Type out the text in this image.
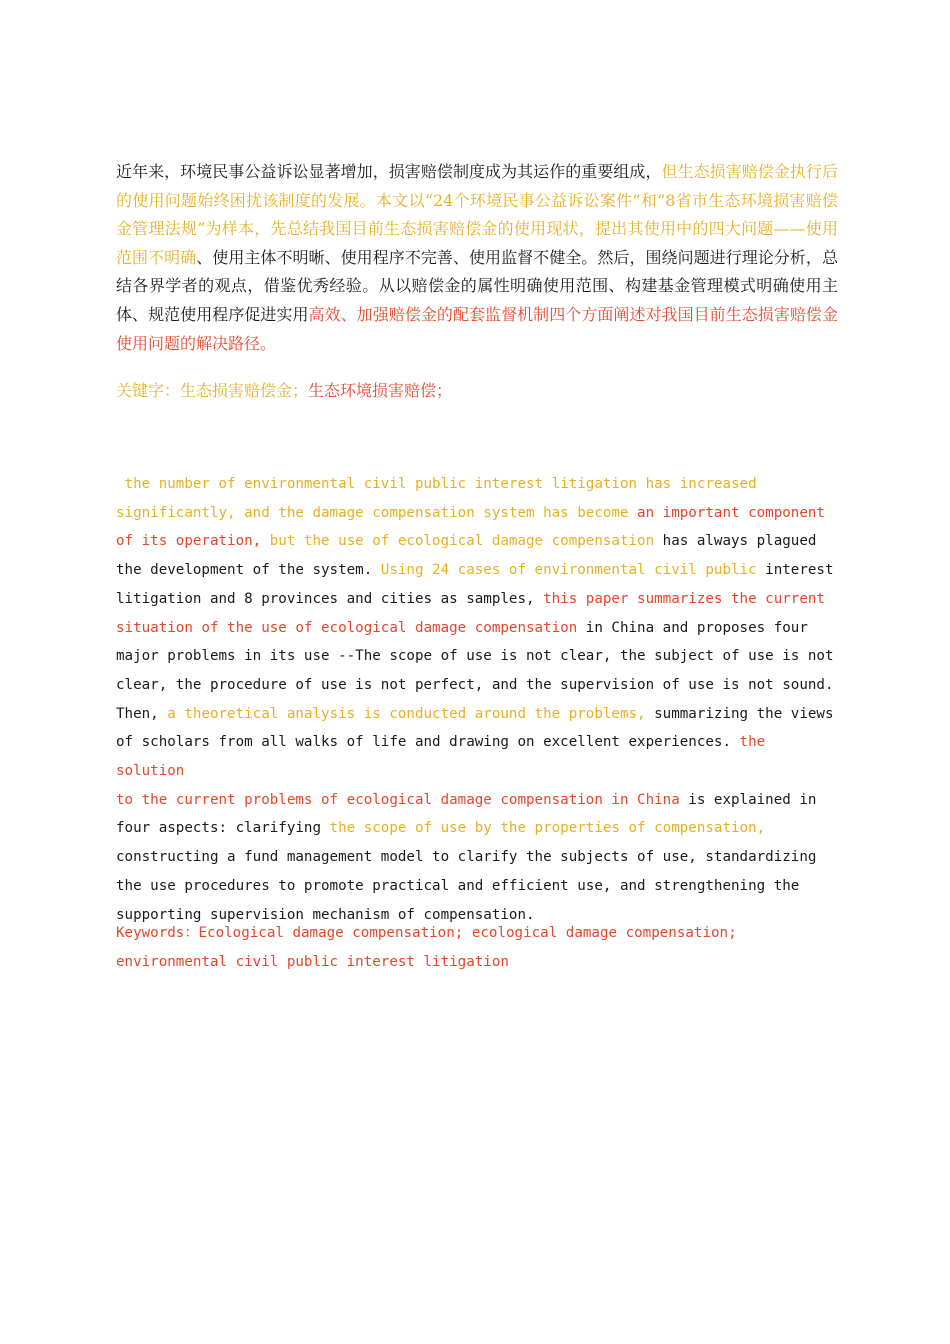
近年来，环境民事公益诉讼显著增加，损害赔偿制度成为其运作的重要组成，但生态损害赔偿金执行后的使用问题始终困扰该制度的发展。本文以“24个环境民事公益诉讼案件”和“8省市生态环境损害赔偿金管理法规”为样本，先总结我国目前生态损害赔偿金的使用现状，提出其使用中的四大问题——使用范围不明确、使用主体不明晰、使用程序不完善、使用监督不健全。然后，围绕问题进行理论分析，总结各界学者的观点，借鉴优秀经验。从以赔偿金的属性明确使用范围、构建基金管理模式明确使用主体、规范使用程序促进实用高效、加强赔偿金的配套监督机制四个方面阐述对我国目前生态损害赔偿金使用问题的解决路径。

关键字：生态损害赔偿金；生态环境损害赔偿；

the number of environmental civil public interest litigation has increased
significantly, and the damage compensation system has become an important component
of its operation, but the use of ecological damage compensation has always plagued
the development of the system. Using 24 cases of environmental civil public interest
litigation and 8 provinces and cities as samples, this paper summarizes the current
situation of the use of ecological damage compensation in China and proposes four
major problems in its use --The scope of use is not clear, the subject of use is not
clear, the procedure of use is not perfect, and the supervision of use is not sound.
Then, a theoretical analysis is conducted around the problems, summarizing the views
of scholars from all walks of life and drawing on excellent experiences. the solution
to the current problems of ecological damage compensation in China is explained in
four aspects: clarifying the scope of use by the properties of compensation,
constructing a fund management model to clarify the subjects of use, standardizing
the use procedures to promote practical and efficient use, and strengthening the
supporting supervision mechanism of compensation.

Keywords：Ecological damage compensation; ecological damage compensation;
environmental civil public interest litigation
